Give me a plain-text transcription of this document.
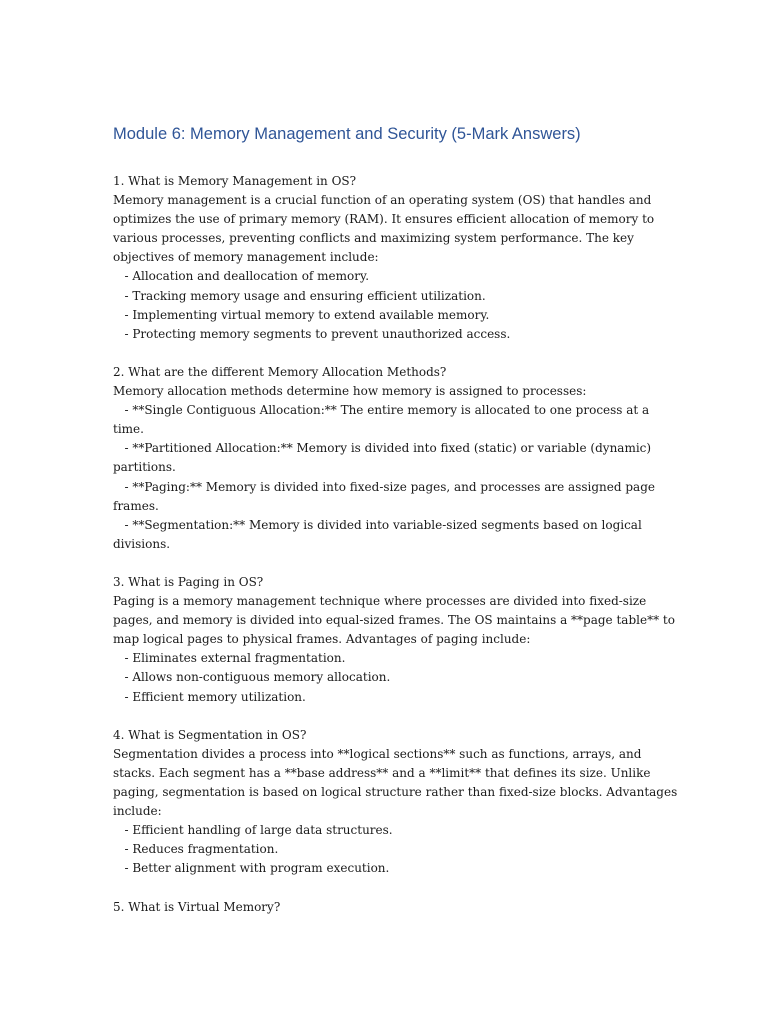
Module 6: Memory Management and Security (5-Mark Answers)
1. What is Memory Management in OS?
Memory management is a crucial function of an operating system (OS) that handles and
optimizes the use of primary memory (RAM). It ensures efficient allocation of memory to
various processes, preventing conflicts and maximizing system performance. The key
objectives of memory management include:
- Allocation and deallocation of memory.
- Tracking memory usage and ensuring efficient utilization.
- Implementing virtual memory to extend available memory.
- Protecting memory segments to prevent unauthorized access.
2. What are the different Memory Allocation Methods?
Memory allocation methods determine how memory is assigned to processes:
- **Single Contiguous Allocation:** The entire memory is allocated to one process at a
time.
- **Partitioned Allocation:** Memory is divided into fixed (static) or variable (dynamic)
partitions.
- **Paging:** Memory is divided into fixed-size pages, and processes are assigned page
frames.
- **Segmentation:** Memory is divided into variable-sized segments based on logical
divisions.
3. What is Paging in OS?
Paging is a memory management technique where processes are divided into fixed-size
pages, and memory is divided into equal-sized frames. The OS maintains a **page table** to
map logical pages to physical frames. Advantages of paging include:
- Eliminates external fragmentation.
- Allows non-contiguous memory allocation.
- Efficient memory utilization.
4. What is Segmentation in OS?
Segmentation divides a process into **logical sections** such as functions, arrays, and
stacks. Each segment has a **base address** and a **limit** that defines its size. Unlike
paging, segmentation is based on logical structure rather than fixed-size blocks. Advantages
include:
- Efficient handling of large data structures.
- Reduces fragmentation.
- Better alignment with program execution.
5. What is Virtual Memory?
